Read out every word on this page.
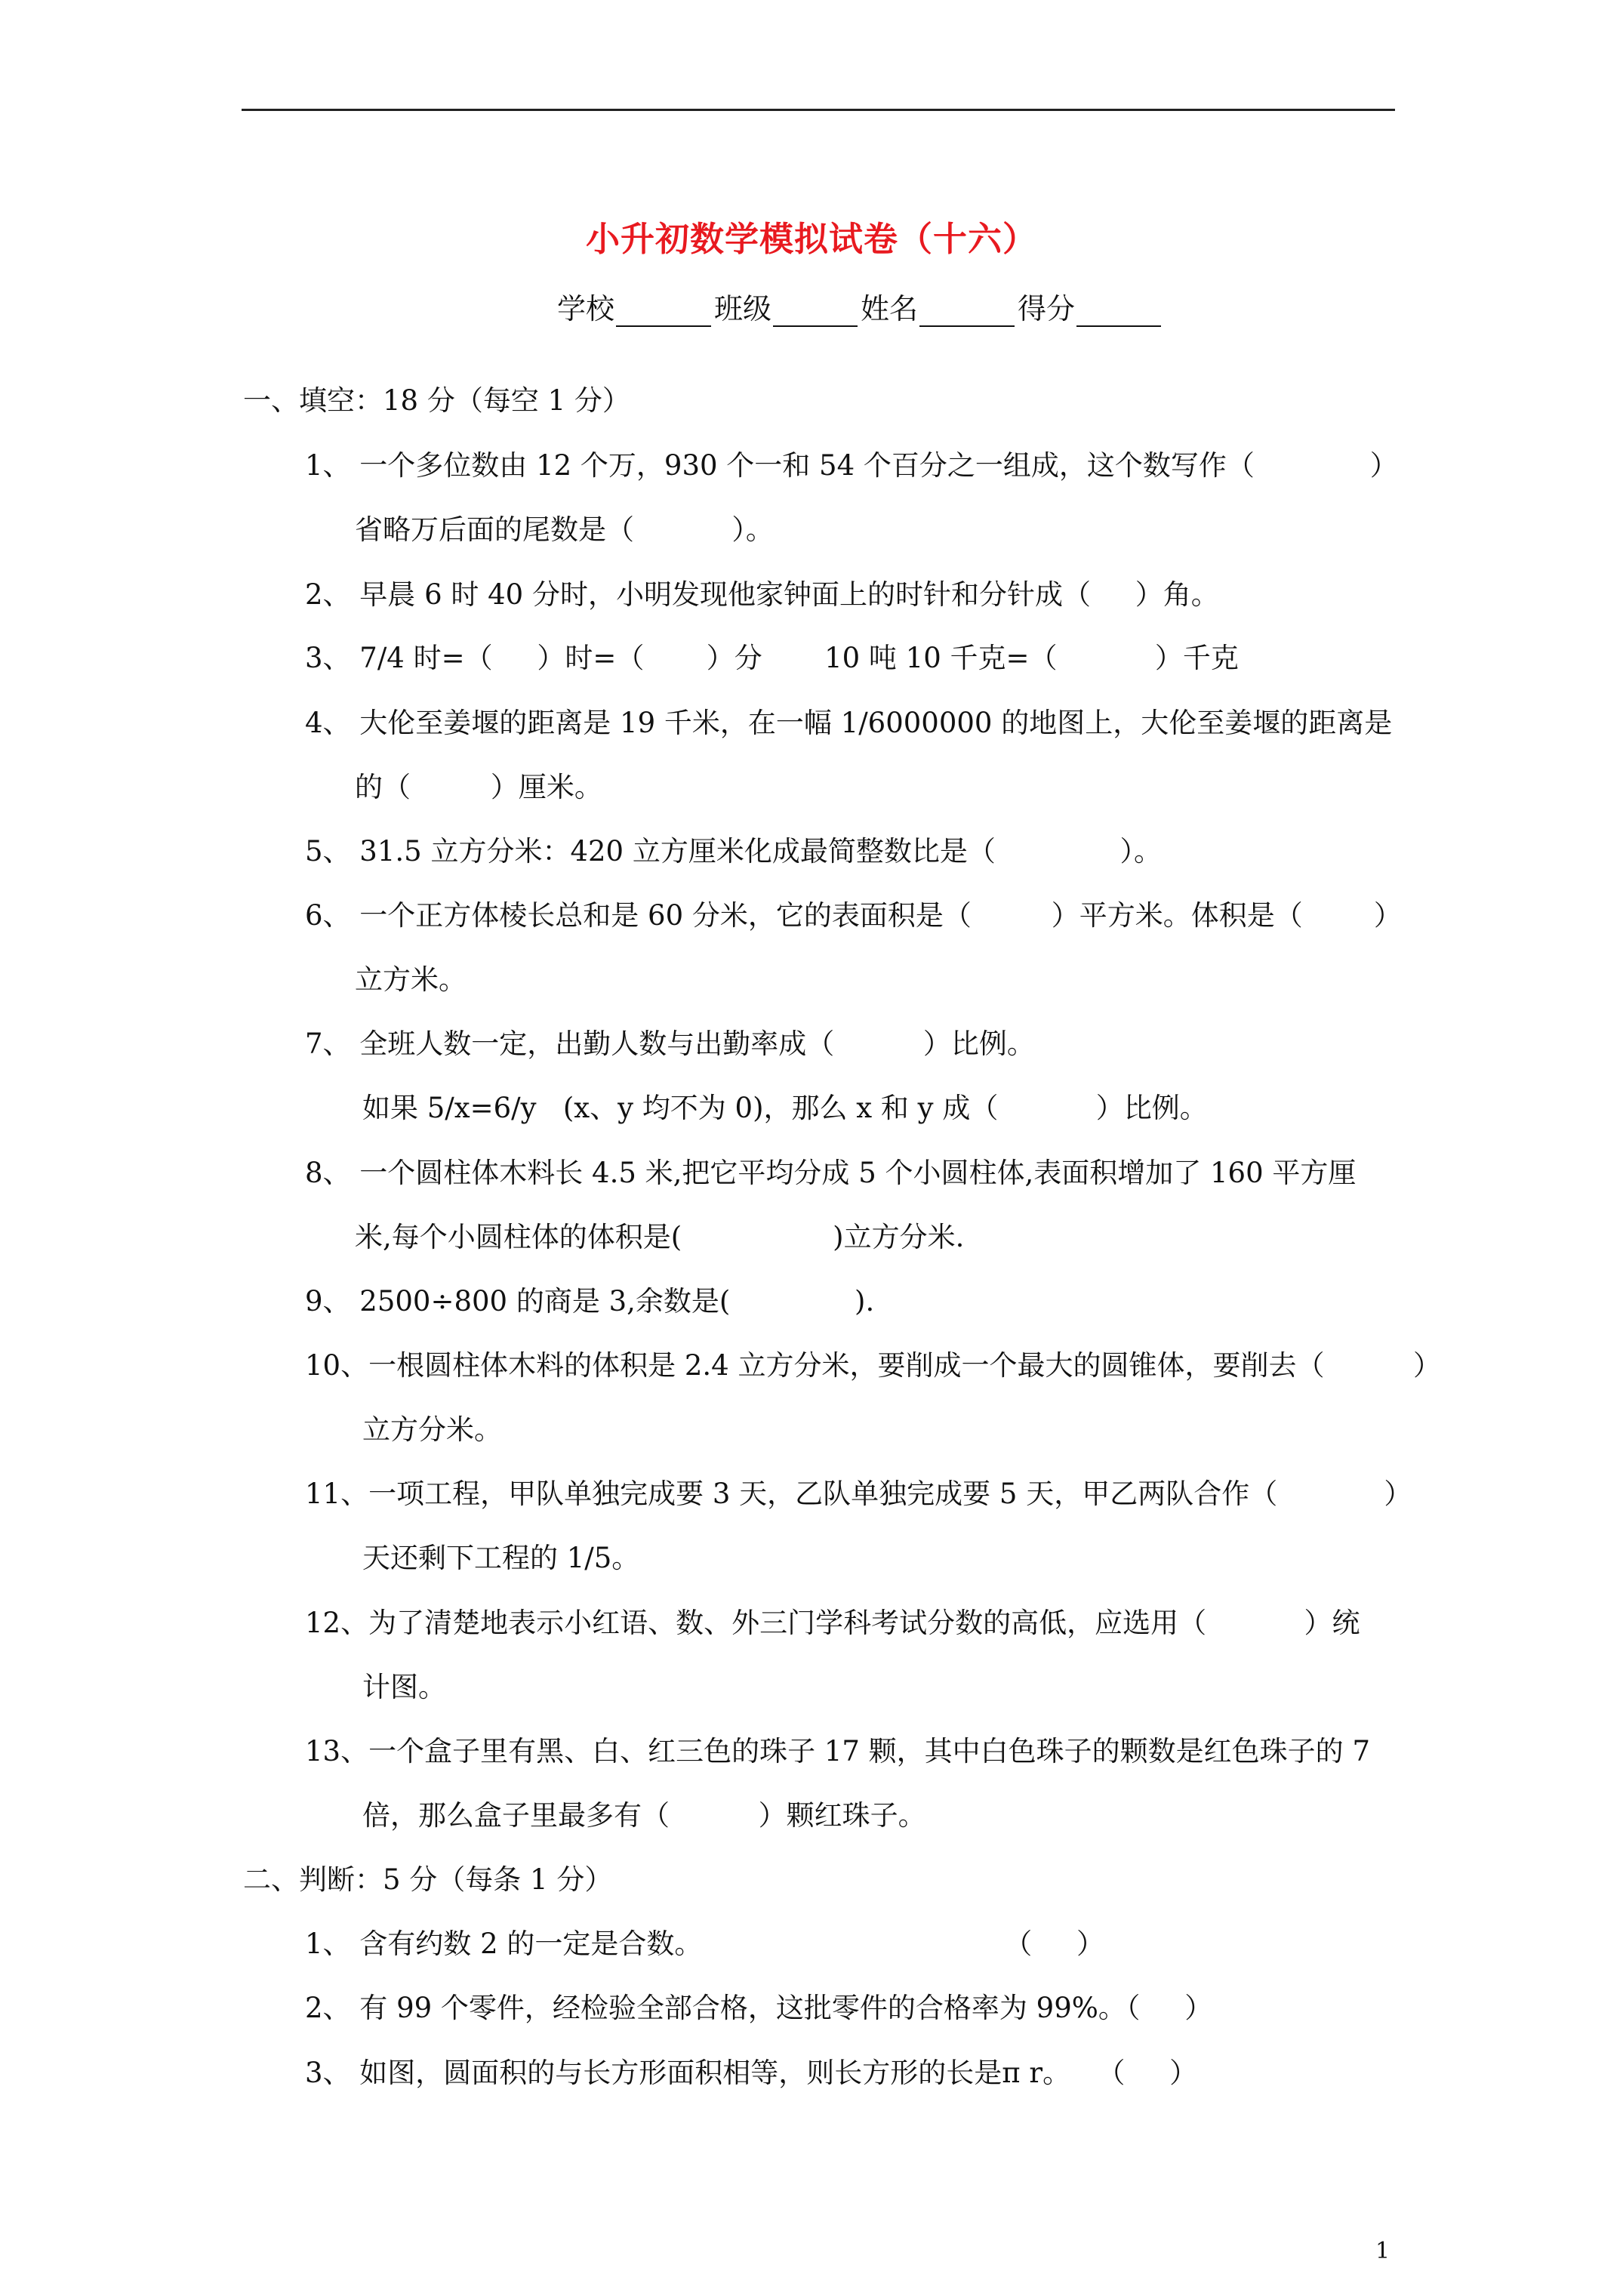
小升初数学模拟试卷（十六）
学校	班级	姓名	得分
一、填空：18 分（每空 1 分）
1、 一个多位数由 12 个万，930 个一和 54 个百分之一组成，这个数写作（             ）
省略万后面的尾数是（           ）。
2、 早晨 6 时 40 分时，小明发现他家钟面上的时针和分针成（     ）角。
3、 7/4 时=（     ）时=（       ）分       10 吨 10 千克=（           ）千克
4、 大伦至姜堰的距离是 19 千米，在一幅 1/6000000 的地图上，大伦至姜堰的距离是
的（         ）厘米。
5、 31.5 立方分米：420 立方厘米化成最简整数比是（              ）。
6、 一个正方体棱长总和是 60 分米，它的表面积是（         ）平方米。体积是（        ）
立方米。
7、 全班人数一定，出勤人数与出勤率成（          ）比例。
如果 5/x=6/y   (x、y 均不为 0)，那么 x 和 y 成（           ）比例。
8、 一个圆柱体木料长 4.5 米,把它平均分成 5 个小圆柱体,表面积增加了 160 平方厘
米,每个小圆柱体的体积是(                 )立方分米.
9、 2500÷800 的商是 3,余数是(              ).
10、一根圆柱体木料的体积是 2.4 立方分米，要削成一个最大的圆锥体，要削去（          ）
立方分米。
11、一项工程，甲队单独完成要 3 天，乙队单独完成要 5 天，甲乙两队合作（            ）
天还剩下工程的 1/5。
12、为了清楚地表示小红语、数、外三门学科考试分数的高低，应选用（           ）统
计图。
13、一个盒子里有黑、白、红三色的珠子 17 颗，其中白色珠子的颗数是红色珠子的 7
倍，那么盒子里最多有（          ）颗红珠子。
二、判断：5 分（每条 1 分）
1、 含有约数 2 的一定是合数。                                  （     ）
2、 有 99 个零件，经检验全部合格，这批零件的合格率为 99%。（     ）
3、 如图，圆面积的与长方形面积相等，则长方形的长是π r。   （     ）
1
